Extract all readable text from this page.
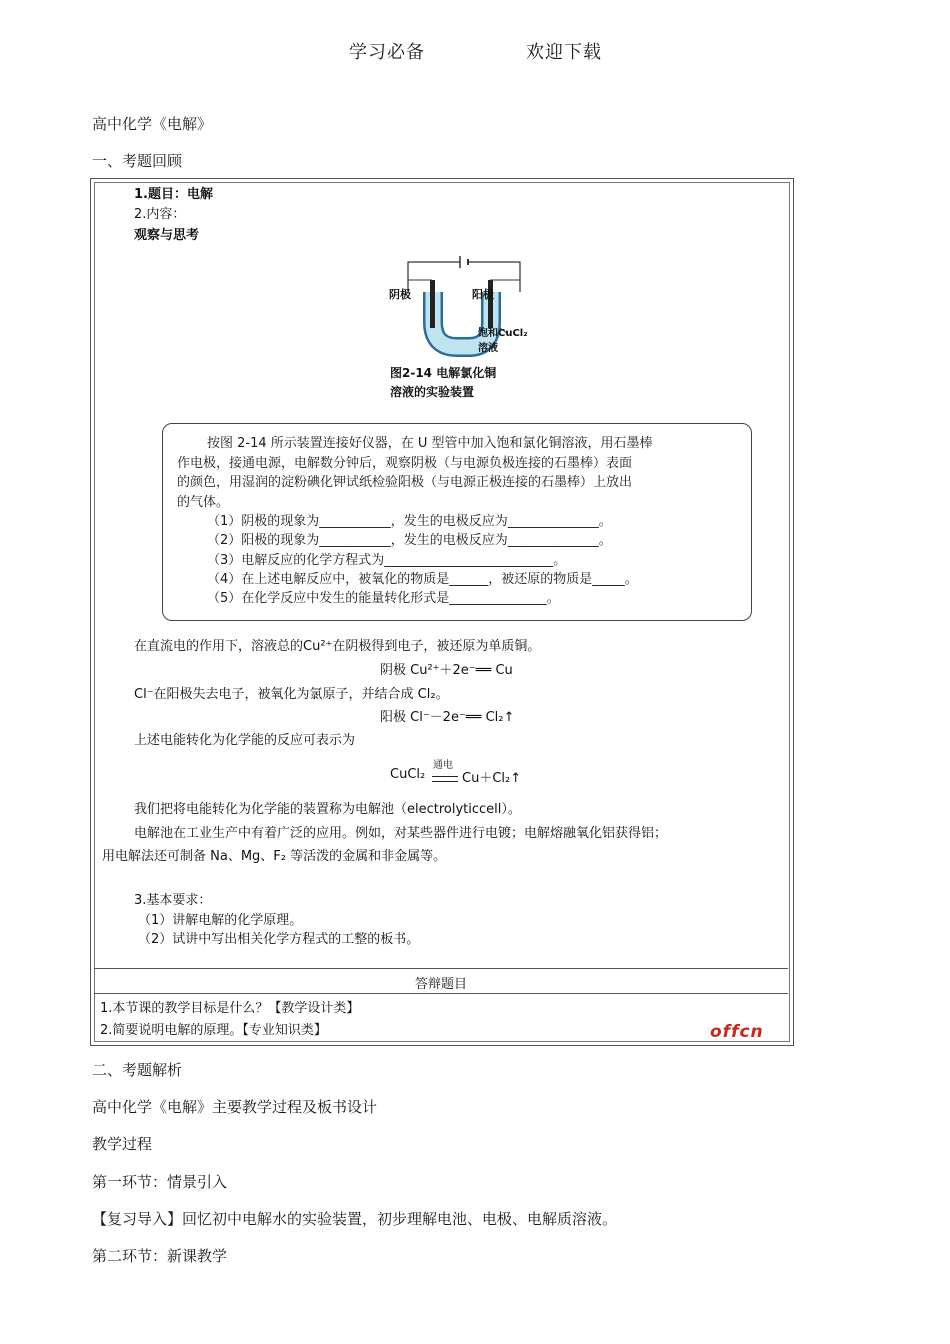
学习必备	欢迎下载
高中化学《电解》
一、考题回顾
1.题目：电解
2.内容：
观察与思考
阴极	阳极
饱和CuCl₂
溶液
图2-14 电解氯化铜
溶液的实验装置
按图 2-14 所示装置连接好仪器，在 U 型管中加入饱和氯化铜溶液，用石墨棒
作电极，接通电源，电解数分钟后，观察阴极（与电源负极连接的石墨棒）表面
的颜色，用湿润的淀粉碘化钾试纸检验阳极（与电源正极连接的石墨棒）上放出
的气体。
（1）阴极的现象为___________，发生的电极反应为______________。
（2）阳极的现象为___________，发生的电极反应为______________。
（3）电解反应的化学方程式为__________________________。
（4）在上述电解反应中，被氧化的物质是______，被还原的物质是_____。
（5）在化学反应中发生的能量转化形式是_______________。
在直流电的作用下，溶液总的Cu²⁺在阴极得到电子，被还原为单质铜。
阴极 Cu²⁺＋2e⁻══ Cu
Cl⁻在阳极失去电子，被氧化为氯原子，并结合成 Cl₂。
阳极 Cl⁻－2e⁻══ Cl₂↑
上述电能转化为化学能的反应可表示为
CuCl₂
通电
Cu＋Cl₂↑
我们把将电能转化为化学能的装置称为电解池（electrolyticcell）。
电解池在工业生产中有着广泛的应用。例如，对某些器件进行电镀；电解熔融氧化铝获得铝；
用电解法还可制备 Na、Mg、F₂ 等活泼的金属和非金属等。
3.基本要求：
（1）讲解电解的化学原理。
（2）试讲中写出相关化学方程式的工整的板书。
答辩题目
1.本节课的教学目标是什么？【教学设计类】
2.简要说明电解的原理。【专业知识类】	offcn
二、考题解析
高中化学《电解》主要教学过程及板书设计
教学过程
第一环节：情景引入
【复习导入】回忆初中电解水的实验装置，初步理解电池、电极、电解质溶液。
第二环节：新课教学
